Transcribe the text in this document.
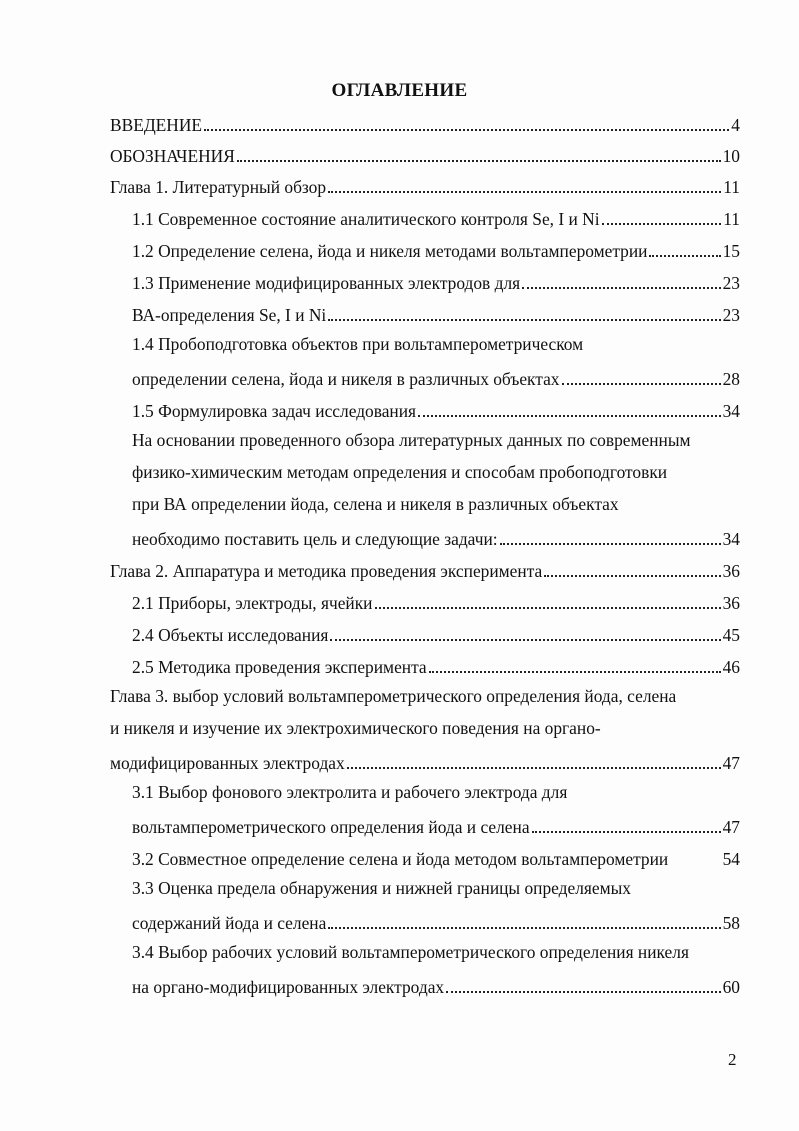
ОГЛАВЛЕНИЕ
ВВЕДЕНИЕ	4
ОБОЗНАЧЕНИЯ	10
Глава 1. Литературный обзор	11
1.1 Современное состояние аналитического контроля Se, I и Ni	11
1.2 Определение селена, йода и никеля методами вольтамперометрии	15
1.3 Применение модифицированных электродов для	23
ВА-определения Se, I и Ni	23
1.4 Пробоподготовка объектов при вольтамперометрическом
определении селена, йода и никеля в различных объектах	28
1.5 Формулировка задач исследования	34
На основании проведенного обзора литературных данных по современным
физико-химическим методам определения и способам пробоподготовки
при ВА определении йода, селена и никеля в различных объектах
необходимо поставить цель и следующие задачи:	34
Глава 2. Аппаратура и методика проведения эксперимента	36
2.1 Приборы, электроды, ячейки	36
2.4 Объекты исследования	45
2.5 Методика проведения эксперимента	46
Глава 3. выбор условий вольтамперометрического определения йода, селена
и никеля и изучение их электрохимического поведения на органо-
модифицированных электродах	47
3.1 Выбор фонового электролита и рабочего электрода для
вольтамперометрического определения йода и селена	47
3.2 Совместное определение селена и йода методом вольтамперометрии	54
3.3 Оценка предела обнаружения и нижней границы определяемых
содержаний йода и селена	58
3.4 Выбор рабочих условий вольтамперометрического определения никеля
на органо-модифицированных электродах	60
2
